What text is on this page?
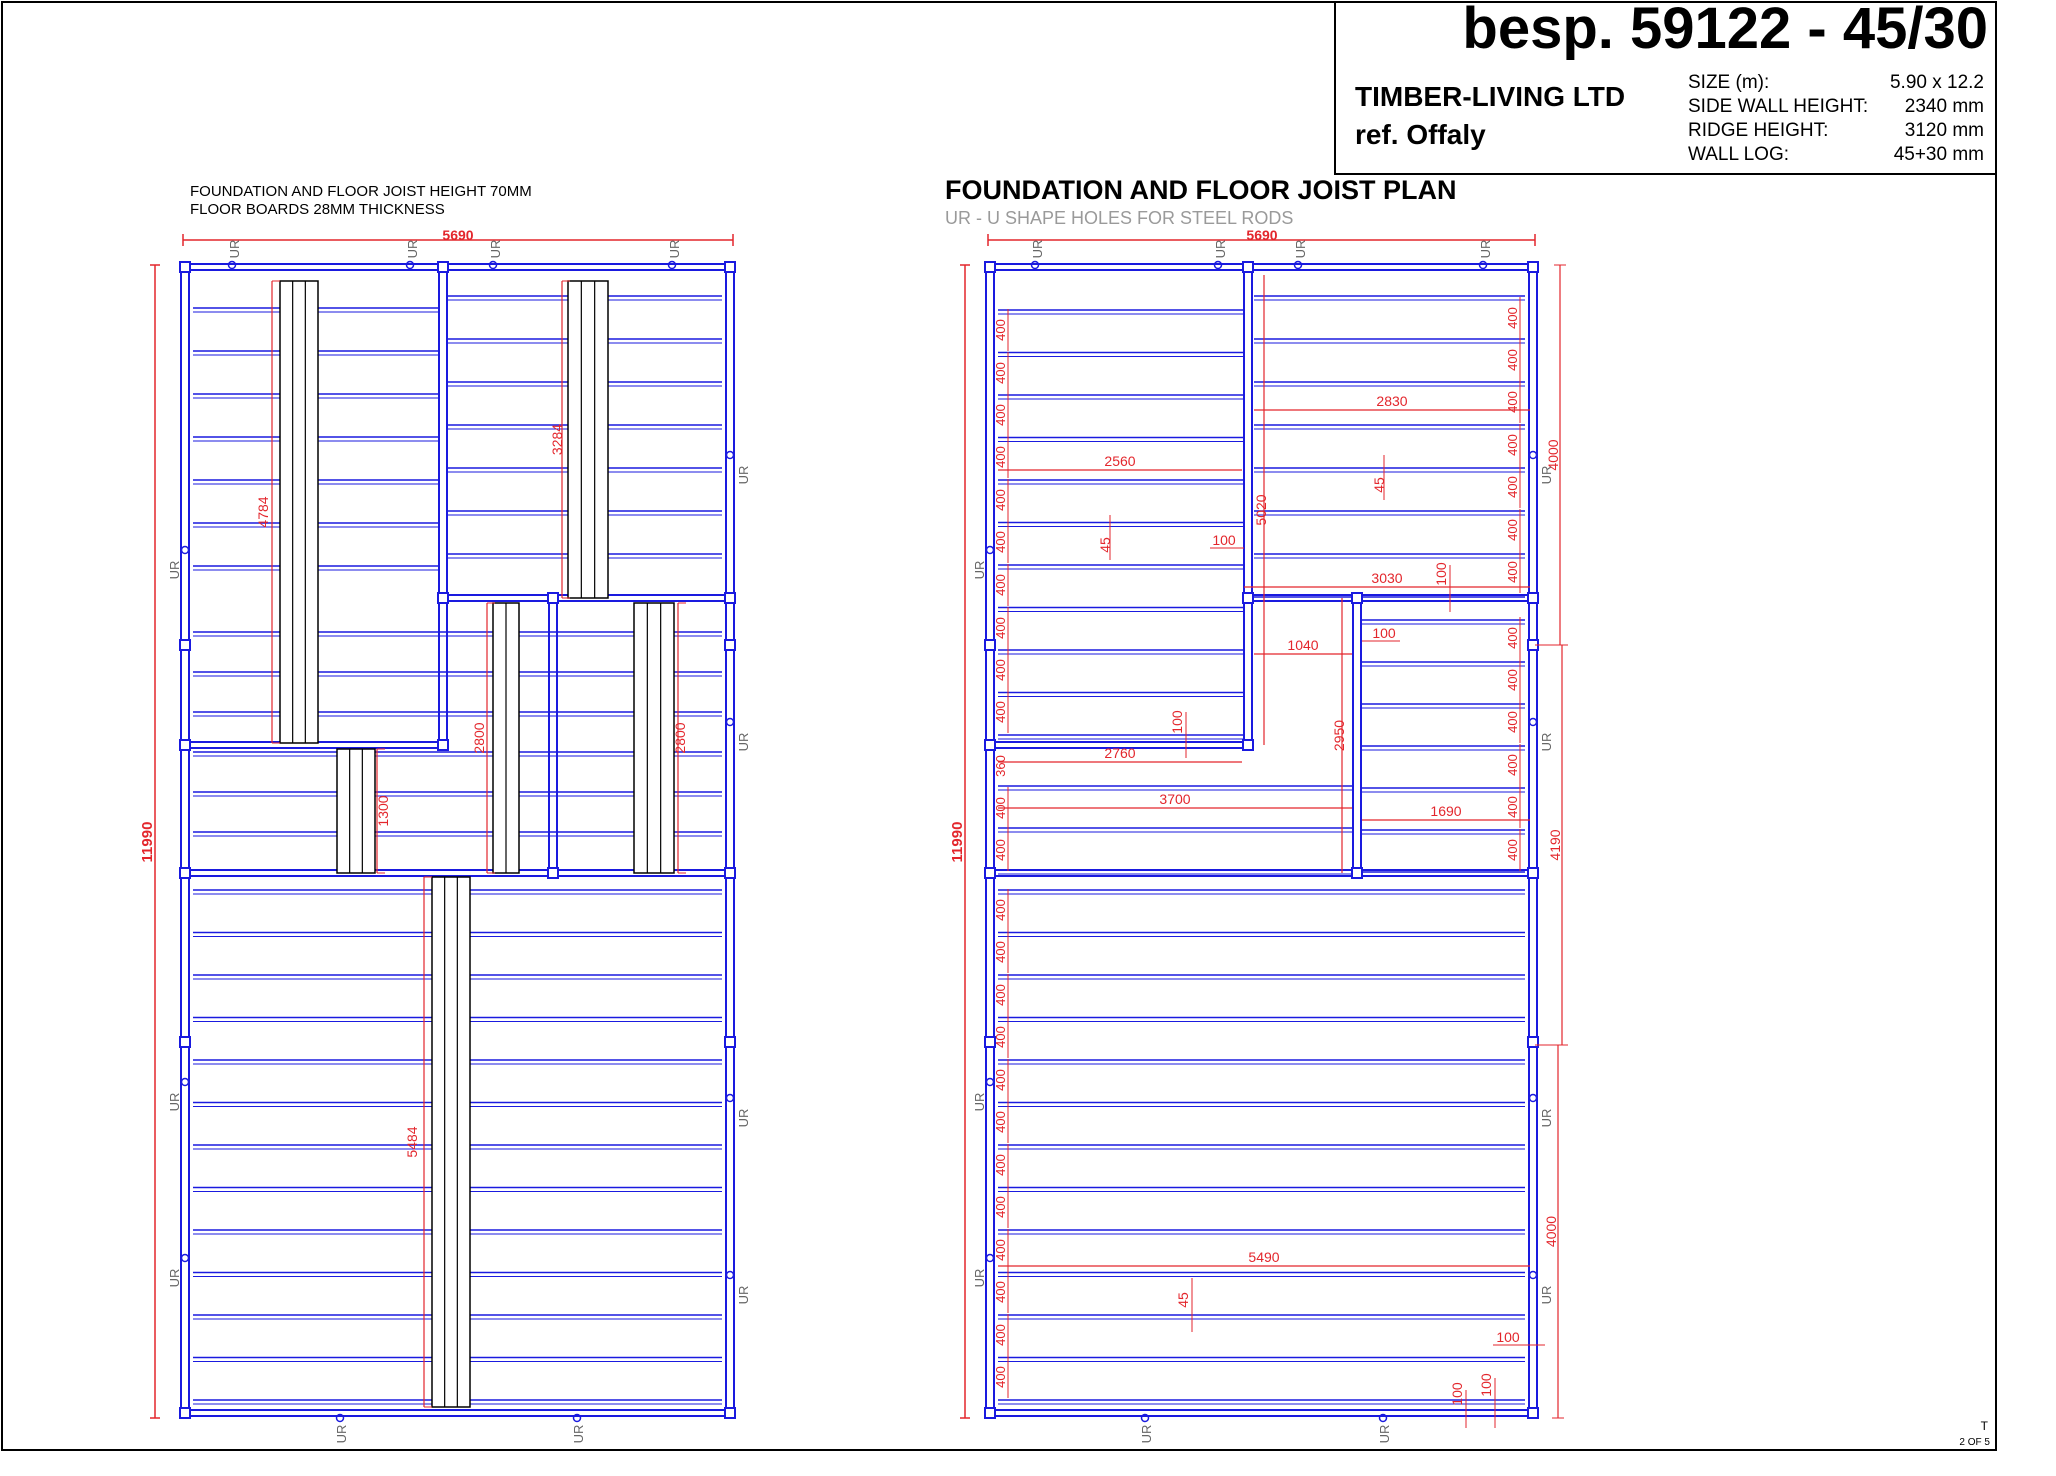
besp. 59122 - 45/30
TIMBER-LIVING LTD
ref. Offaly
SIZE (m):	5.90 x 12.2
SIDE WALL HEIGHT: 2340 mm
RIDGE HEIGHT:	3120 mm
WALL LOG:	45+30 mm
FOUNDATION AND FLOOR JOIST HEIGHT 70MM
FLOOR BOARDS 28MM THICKNESS
FOUNDATION AND FLOOR JOIST PLAN
UR - U SHAPE HOLES FOR STEEL RODS
5690
11990
4784
3284
2800	2800
1300
5484
UR	UR	UR	UR
UR	UR
UR
UR
UR
UR
UR
UR
UR
5690
11990
400
400
400
400
400
400
400
400
400
400
360
400
400
400
400
400
400
400
400
400
400
400
400
400
400
400
400
400
400
400
400
400
400
400
400
400
400
400
2560
2830
3030
1040
2760
3700
1690
5490
5020
2950
45
45
45
100
100
100
100
100
100 100
4000
4190
4000
UR	UR	UR	UR
UR	UR
UR
UR
UR
UR
UR
UR
UR
T
2 OF 5
